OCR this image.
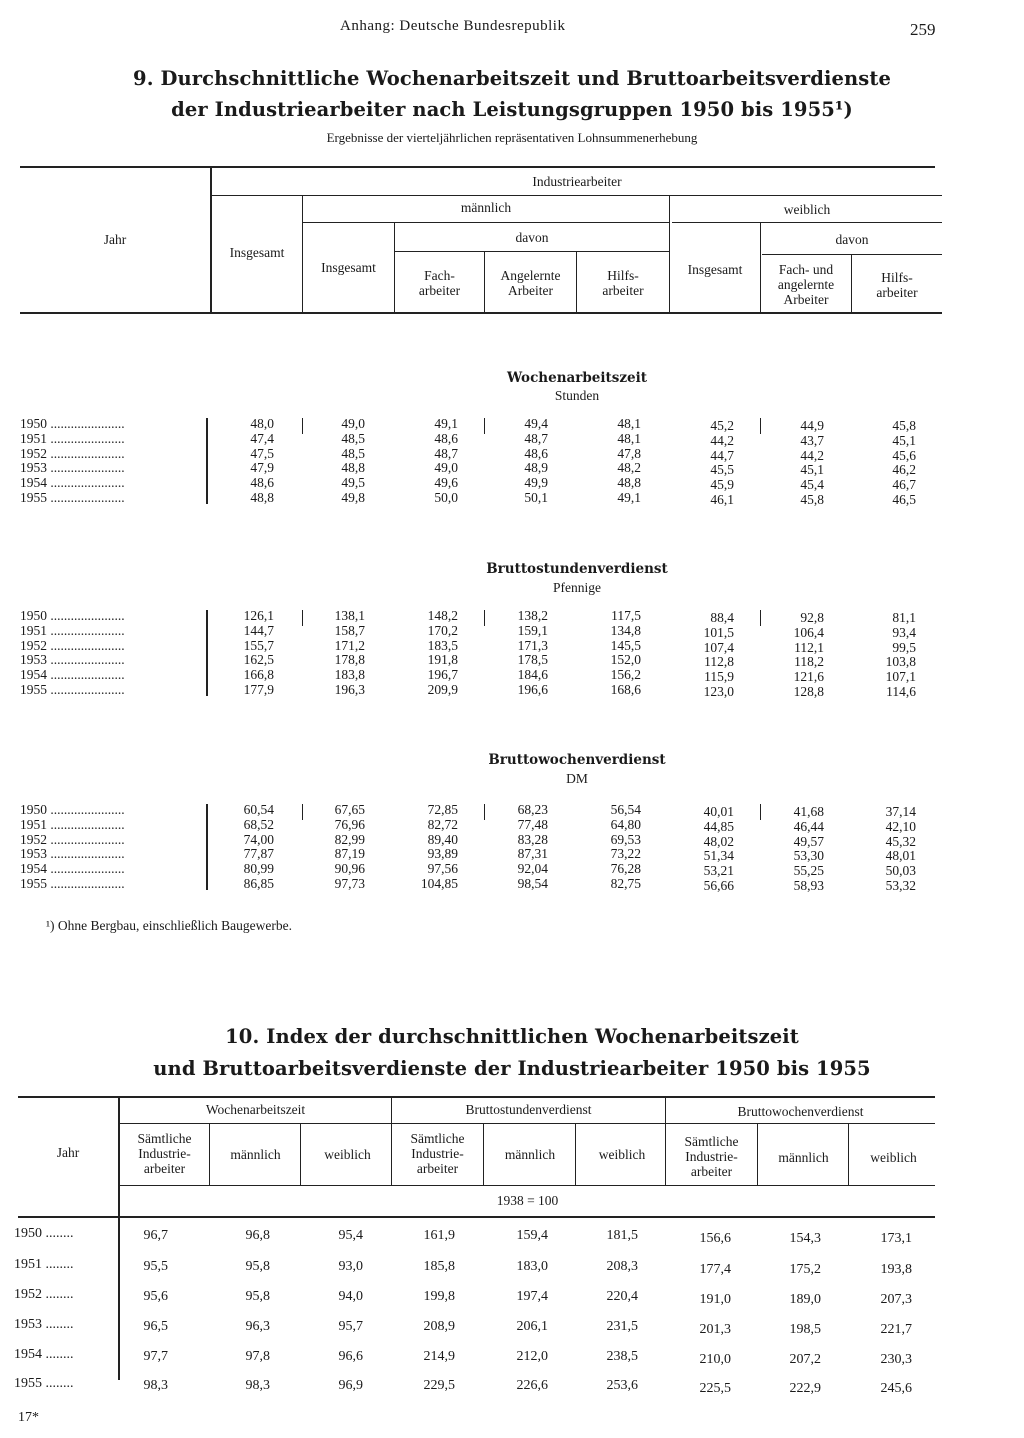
Anhang: Deutsche Bundesrepublik	259
9. Durchschnittliche Wochenarbeitszeit und Bruttoarbeitsverdienste
der Industriearbeiter nach Leistungsgruppen 1950 bis 1955¹)
Ergebnisse der vierteljährlichen repräsentativen Lohnsummenerhebung
Jahr
Industriearbeiter
Insgesamt
männlich	weiblich
davon	davon
Insgesamt
Fach-
arbeiter
Angelernte
Arbeiter
Hilfs-
arbeiter
Insgesamt	Fach- und
angelernte
Arbeiter
Hilfs-
arbeiter
Wochenarbeitszeit
Stunden
Bruttostundenverdienst
Pfennige
Bruttowochenverdienst
DM
1950 ......................	48,0	49,0	49,1	49,4	48,1	45,2	44,9	45,8
1951 ......................	47,4	48,5	48,6	48,7	48,1	44,2	43,7	45,1
1952 ......................	47,5	48,5	48,7	48,6	47,8	44,7	44,2	45,6
1953 ......................	47,9	48,8	49,0	48,9	48,2	45,5	45,1	46,2
1954 ......................	48,6	49,5	49,6	49,9	48,8	45,9	45,4	46,7
1955 ......................	48,8	49,8	50,0	50,1	49,1	46,1	45,8	46,5
1950 ......................	126,1	138,1	148,2	138,2	117,5	88,4	92,8	81,1
1951 ......................	144,7	158,7	170,2	159,1	134,8	101,5	106,4	93,4
1952 ......................	155,7	171,2	183,5	171,3	145,5	107,4	112,1	99,5
1953 ......................	162,5	178,8	191,8	178,5	152,0	112,8	118,2	103,8
1954 ......................	166,8	183,8	196,7	184,6	156,2	115,9	121,6	107,1
1955 ......................	177,9	196,3	209,9	196,6	168,6	123,0	128,8	114,6
1950 ......................	60,54	67,65	72,85	68,23	56,54	40,01	41,68	37,14
1951 ......................	68,52	76,96	82,72	77,48	64,80	44,85	46,44	42,10
1952 ......................	74,00	82,99	89,40	83,28	69,53	48,02	49,57	45,32
1953 ......................	77,87	87,19	93,89	87,31	73,22	51,34	53,30	48,01
1954 ......................	80,99	90,96	97,56	92,04	76,28	53,21	55,25	50,03
1955 ......................	86,85	97,73	104,85	98,54	82,75	56,66	58,93	53,32
¹) Ohne Bergbau, einschließlich Baugewerbe.
10. Index der durchschnittlichen Wochenarbeitszeit
und Bruttoarbeitsverdienste der Industriearbeiter 1950 bis 1955
Jahr
Wochenarbeitszeit	Bruttostundenverdienst	Bruttowochenverdienst
Sämtliche
Industrie-
arbeiter
männlich	weiblich
Sämtliche
Industrie-
arbeiter
männlich	weiblich
Sämtliche
Industrie-
arbeiter
männlich	weiblich
1938 = 100
1950 ........	96,7	96,8	95,4	161,9	159,4	181,5	156,6	154,3	173,1
1951 ........	95,5	95,8	93,0	185,8	183,0	208,3	177,4	175,2	193,8
1952 ........	95,6	95,8	94,0	199,8	197,4	220,4	191,0	189,0	207,3
1953 ........	96,5	96,3	95,7	208,9	206,1	231,5	201,3	198,5	221,7
1954 ........	97,7	97,8	96,6	214,9	212,0	238,5	210,0	207,2	230,3
1955 ........	98,3	98,3	96,9	229,5	226,6	253,6	225,5	222,9	245,6
17*
